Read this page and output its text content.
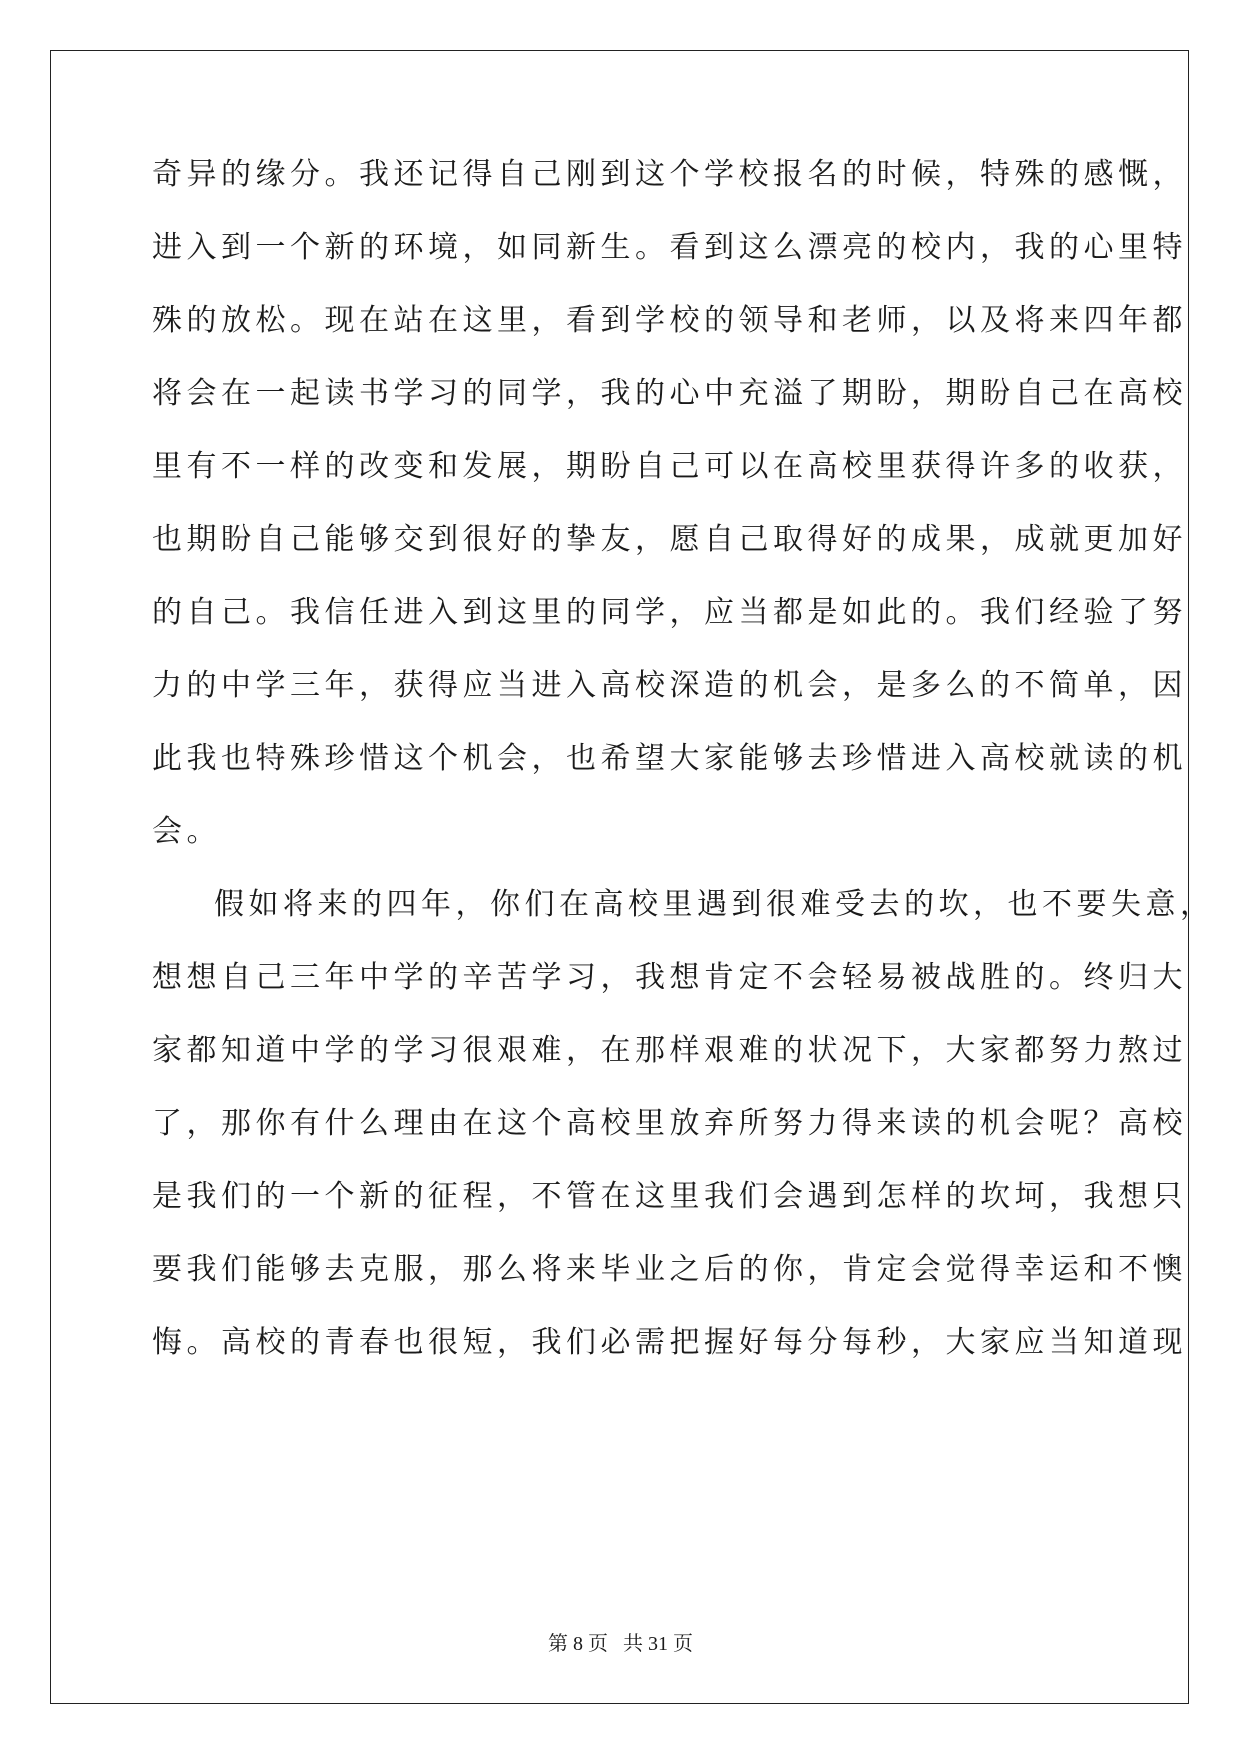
奇异的缘分。我还记得自己刚到这个学校报名的时候，特殊的感慨，
进入到一个新的环境，如同新生。看到这么漂亮的校内，我的心里特
殊的放松。现在站在这里，看到学校的领导和老师，以及将来四年都
将会在一起读书学习的同学，我的心中充溢了期盼，期盼自己在高校
里有不一样的改变和发展，期盼自己可以在高校里获得许多的收获，
也期盼自己能够交到很好的挚友，愿自己取得好的成果，成就更加好
的自己。我信任进入到这里的同学，应当都是如此的。我们经验了努
力的中学三年，获得应当进入高校深造的机会，是多么的不简单，因
此我也特殊珍惜这个机会，也希望大家能够去珍惜进入高校就读的机
会。
假如将来的四年，你们在高校里遇到很难受去的坎，也不要失意，
想想自己三年中学的辛苦学习，我想肯定不会轻易被战胜的。终归大
家都知道中学的学习很艰难，在那样艰难的状况下，大家都努力熬过
了，那你有什么理由在这个高校里放弃所努力得来读的机会呢？高校
是我们的一个新的征程，不管在这里我们会遇到怎样的坎坷，我想只
要我们能够去克服，那么将来毕业之后的你，肯定会觉得幸运和不懊
悔。高校的青春也很短，我们必需把握好每分每秒，大家应当知道现
第 8 页 共 31 页
